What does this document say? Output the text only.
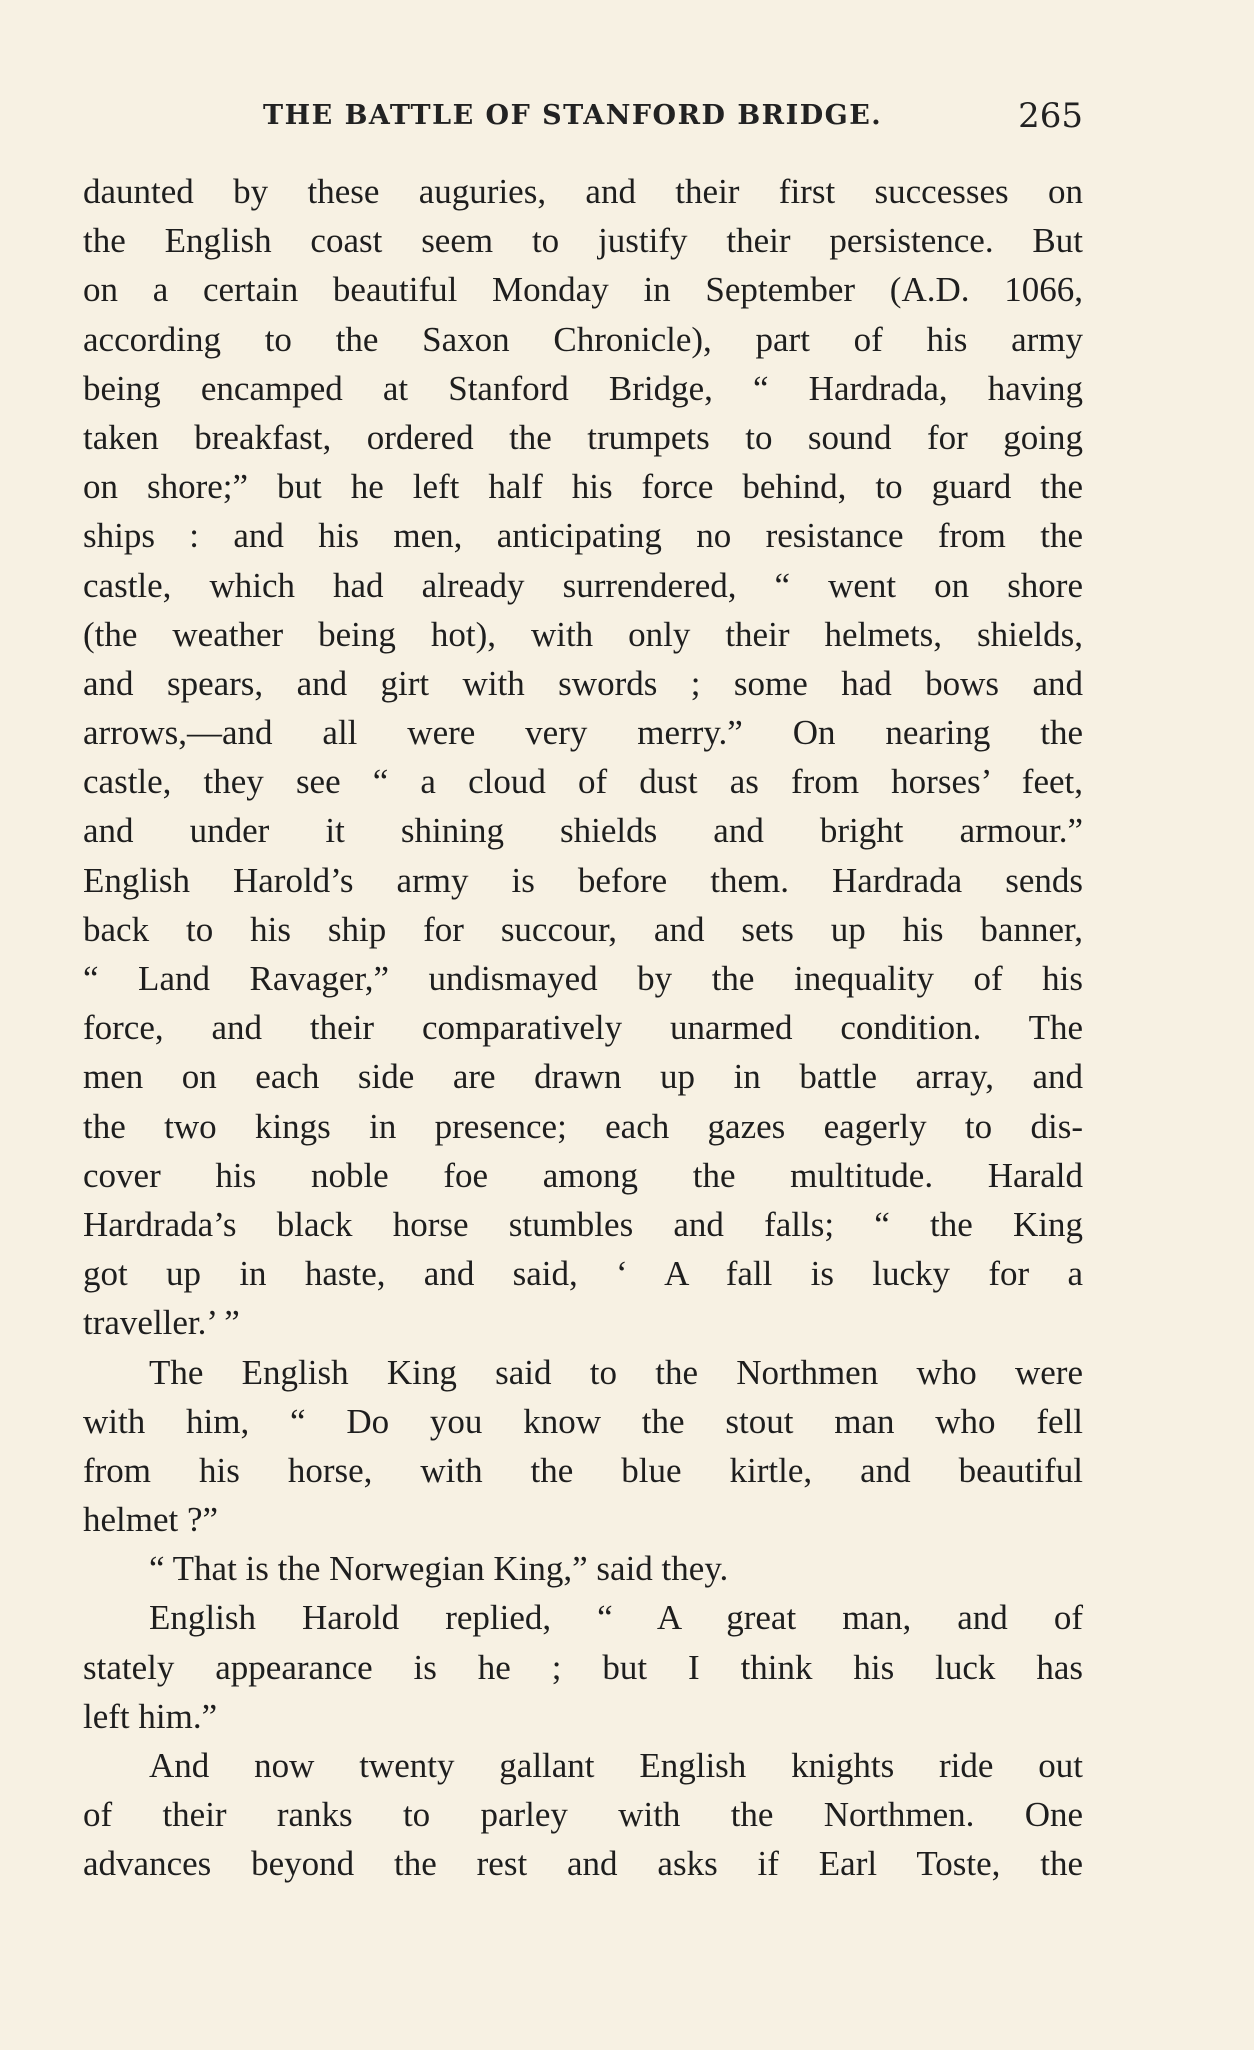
THE BATTLE OF STANFORD BRIDGE.	265
daunted by these auguries, and their first successes on
the English coast seem to justify their persistence. But
on a certain beautiful Monday in September (A.D. 1066,
according to the Saxon Chronicle), part of his army
being encamped at Stanford Bridge, “ Hardrada, having
taken breakfast, ordered the trumpets to sound for going
on shore;” but he left half his force behind, to guard the
ships : and his men, anticipating no resistance from the
castle, which had already surrendered, “ went on shore
(the weather being hot), with only their helmets, shields,
and spears, and girt with swords ; some had bows and
arrows,—and all were very merry.” On nearing the
castle, they see “ a cloud of dust as from horses’ feet,
and under it shining shields and bright armour.”
English Harold’s army is before them. Hardrada sends
back to his ship for succour, and sets up his banner,
“ Land Ravager,” undismayed by the inequality of his
force, and their comparatively unarmed condition. The
men on each side are drawn up in battle array, and
the two kings in presence; each gazes eagerly to dis-
cover his noble foe among the multitude. Harald
Hardrada’s black horse stumbles and falls; “ the King
got up in haste, and said, ‘ A fall is lucky for a
traveller.’ ”
The English King said to the Northmen who were
with him, “ Do you know the stout man who fell
from his horse, with the blue kirtle, and beautiful
helmet ?”
“ That is the Norwegian King,” said they.
English Harold replied, “ A great man, and of
stately appearance is he ; but I think his luck has
left him.”
And now twenty gallant English knights ride out
of their ranks to parley with the Northmen. One
advances beyond the rest and asks if Earl Toste, the
